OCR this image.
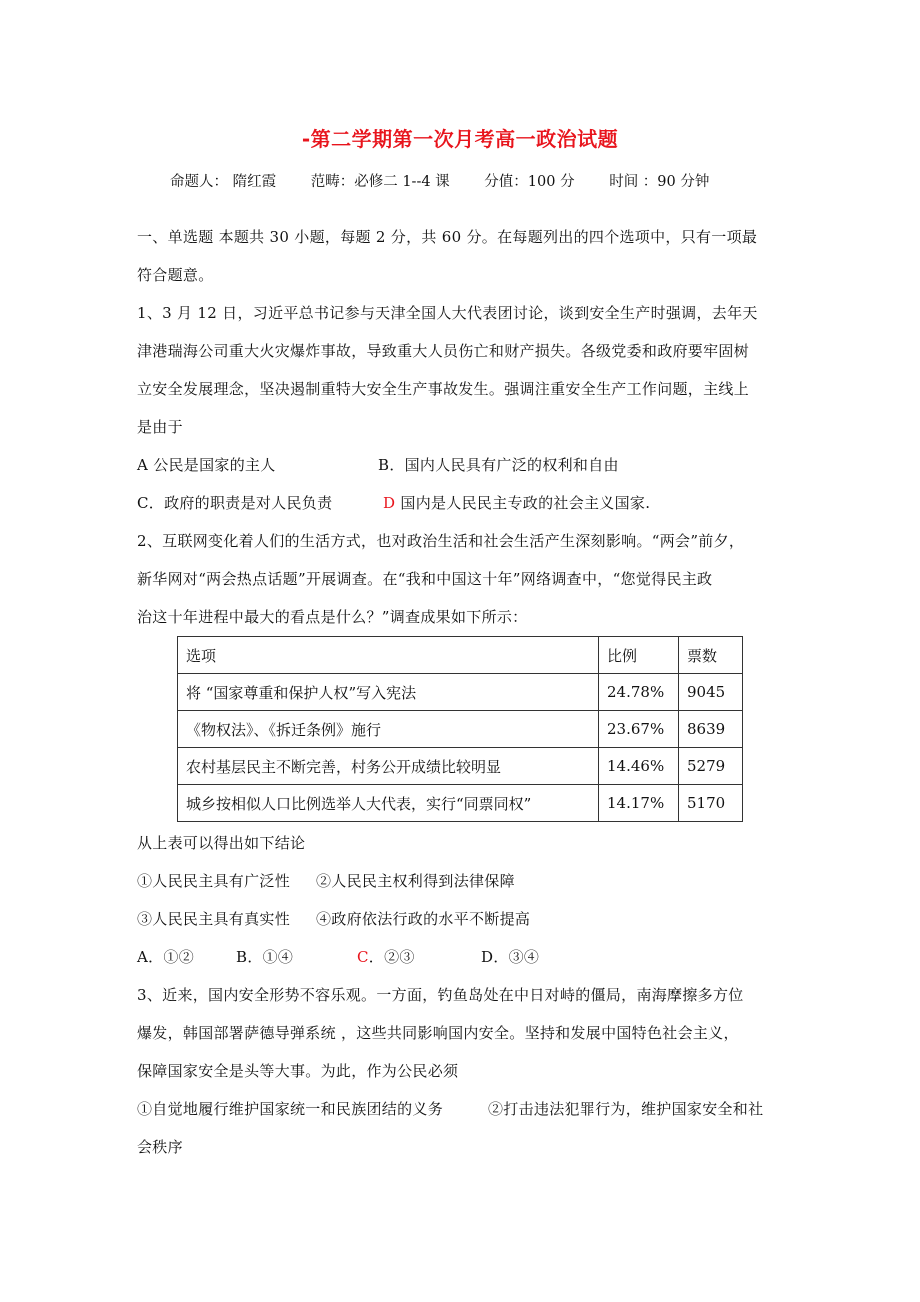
-第二学期第一次月考高一政治试题
命题人： 隋红霞 范畴：必修二 1--4 课 分值：100 分 时间 ：90 分钟
一、单选题 本题共 30 小题，每题 2 分，共 60 分。在每题列出的四个选项中，只有一项最
符合题意。
1、3 月 12 日，习近平总书记参与天津全国人大代表团讨论，谈到安全生产时强调，去年天
津港瑞海公司重大火灾爆炸事故，导致重大人员伤亡和财产损失。各级党委和政府要牢固树
立安全发展理念，坚决遏制重特大安全生产事故发生。强调注重安全生产工作问题，主线上
是由于
A 公民是国家的主人	B．国内人民具有广泛的权利和自由
C．政府的职责是对人民负责	D 国内是人民民主专政的社会主义国家.
2、互联网变化着人们的生活方式，也对政治生活和社会生活产生深刻影响。“两会”前夕，
新华网对“两会热点话题”开展调查。在“我和中国这十年”网络调查中，“您觉得民主政
治这十年进程中最大的看点是什么？”调查成果如下所示：
选项	比例	票数
将 “国家尊重和保护人权”写入宪法	24.78%	9045
《物权法》、《拆迁条例》施行	23.67%	8639
农村基层民主不断完善，村务公开成绩比较明显	14.46%	5279
城乡按相似人口比例选举人大代表，实行“同票同权”	14.17%	5170
从上表可以得出如下结论
①人民民主具有广泛性 ②人民民主权利得到法律保障
③人民民主具有真实性 ④政府依法行政的水平不断提高
A．①②	B．①④	C．②③	D．③④
3、近来，国内安全形势不容乐观。一方面，钓鱼岛处在中日对峙的僵局，南海摩擦多方位
爆发，韩国部署萨德导弹系统 ，这些共同影响国内安全。坚持和发展中国特色社会主义，
保障国家安全是头等大事。为此，作为公民必须
①自觉地履行维护国家统一和民族团结的义务	②打击违法犯罪行为，维护国家安全和社
会秩序
